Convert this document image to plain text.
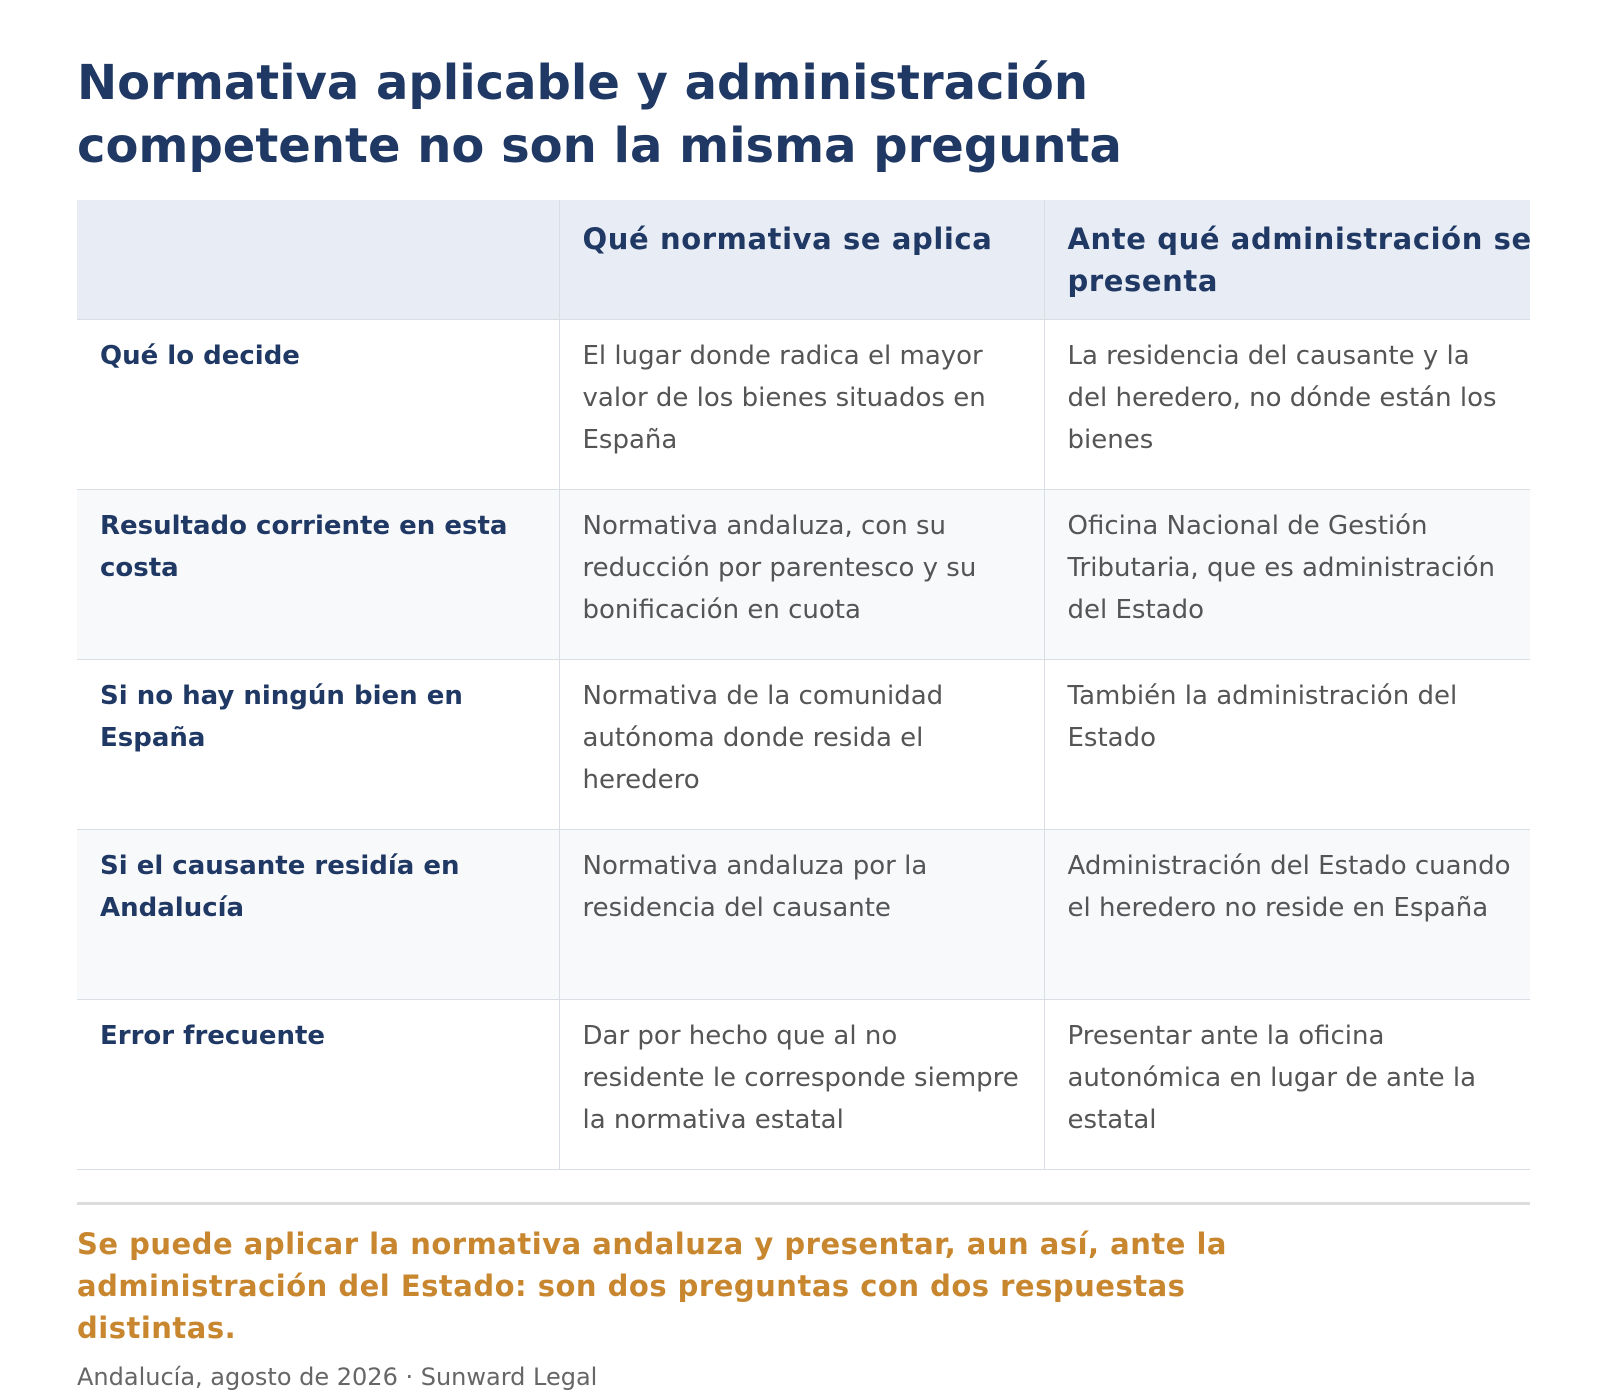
Normativa aplicable y administración competente no son la misma pregunta
	Qué normativa se aplica	Ante qué administración se presenta
Qué lo decide	El lugar donde radica el mayor valor de los bienes situados en España	La residencia del causante y la del heredero, no dónde están los bienes
Resultado corriente en esta costa	Normativa andaluza, con su reducción por parentesco y su bonificación en cuota	Oficina Nacional de Gestión Tributaria, que es administración del Estado
Si no hay ningún bien en España	Normativa de la comunidad autónoma donde resida el heredero	También la administración del Estado
Si el causante residía en Andalucía	Normativa andaluza por la residencia del causante	Administración del Estado cuando el heredero no reside en España
Error frecuente	Dar por hecho que al no residente le corresponde siempre la normativa estatal	Presentar ante la oficina autonómica en lugar de ante la estatal

Se puede aplicar la normativa andaluza y presentar, aun así, ante la administración del Estado: son dos preguntas con dos respuestas distintas.

Andalucía, agosto de 2026 · Sunward Legal
